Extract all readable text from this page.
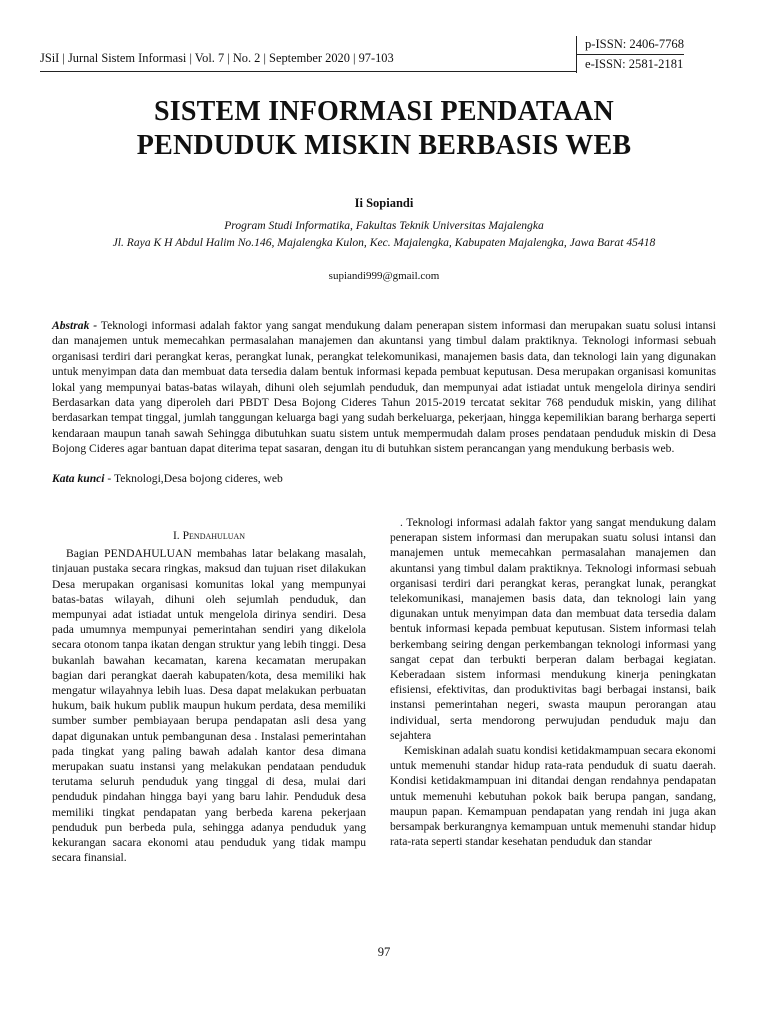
JSiI | Jurnal Sistem Informasi | Vol. 7 | No. 2 | September 2020 | 97-103
p-ISSN: 2406-7768
e-ISSN: 2581-2181
SISTEM INFORMASI PENDATAAN
PENDUDUK MISKIN BERBASIS WEB
Ii Sopiandi
Program Studi Informatika, Fakultas Teknik Universitas Majalengka
Jl. Raya K H Abdul Halim No.146, Majalengka Kulon, Kec. Majalengka, Kabupaten Majalengka, Jawa Barat 45418
supiandi999@gmail.com
Abstrak - Teknologi informasi adalah faktor yang sangat mendukung dalam penerapan sistem informasi dan merupakan suatu solusi intansi dan manajemen untuk memecahkan permasalahan manajemen dan akuntansi yang timbul dalam praktiknya. Teknologi informasi sebuah organisasi terdiri dari perangkat keras, perangkat lunak, perangkat telekomunikasi, manajemen basis data, dan teknologi lain yang digunakan untuk menyimpan data dan membuat data tersedia dalam bentuk informasi kepada pembuat keputusan. Desa merupakan organisasi komunitas lokal yang mempunyai batas-batas wilayah, dihuni oleh sejumlah penduduk, dan mempunyai adat istiadat untuk mengelola dirinya sendiri Berdasarkan data yang diperoleh dari PBDT Desa Bojong Cideres Tahun 2015-2019 tercatat sekitar 768 penduduk miskin, yang dilihat berdasarkan tempat tinggal, jumlah tanggungan keluarga bagi yang sudah berkeluarga, pekerjaan, hingga kepemilikian barang berharga seperti kendaraan maupun tanah sawah Sehingga dibutuhkan suatu sistem untuk mempermudah dalam proses pendataan penduduk miskin di Desa Bojong Cideres agar bantuan dapat diterima tepat sasaran, dengan itu di butuhkan sistem perancangan yang mendukung berbasis web.
Kata kunci - Teknologi,Desa bojong cideres, web
I. Pendahuluan

Bagian PENDAHULUAN membahas latar belakang masalah, tinjauan pustaka secara ringkas, maksud dan tujuan riset dilakukan Desa merupakan organisasi komunitas lokal yang mempunyai batas-batas wilayah, dihuni oleh sejumlah penduduk, dan mempunyai adat istiadat untuk mengelola dirinya sendiri. Desa pada umumnya mempunyai pemerintahan sendiri yang dikelola secara otonom tanpa ikatan dengan struktur yang lebih tinggi. Desa bukanlah bawahan kecamatan, karena kecamatan merupakan bagian dari perangkat daerah kabupaten/kota, desa memiliki hak mengatur wilayahnya lebih luas. Desa dapat melakukan perbuatan hukum, baik hukum publik maupun hukum perdata, desa memiliki sumber sumber pembiayaan berupa pendapatan asli desa yang dapat digunakan untuk pembangunan desa . Instalasi pemerintahan pada tingkat yang paling bawah adalah kantor desa dimana merupakan suatu instansi yang melakukan pendataan penduduk terutama seluruh penduduk yang tinggal di desa, mulai dari penduduk pindahan hingga bayi yang baru lahir. Penduduk desa memiliki tingkat pendapatan yang berbeda karena pekerjaan penduduk pun berbeda pula, sehingga adanya penduduk yang kekurangan sacara ekonomi atau penduduk yang tidak mampu secara finansial.

. Teknologi informasi adalah faktor yang sangat mendukung dalam penerapan sistem informasi dan merupakan suatu solusi intansi dan manajemen untuk memecahkan permasalahan manajemen dan akuntansi yang timbul dalam praktiknya. Teknologi informasi sebuah organisasi terdiri dari perangkat keras, perangkat lunak, perangkat telekomunikasi, manajemen basis data, dan teknologi lain yang digunakan untuk menyimpan data dan membuat data tersedia dalam bentuk informasi kepada pembuat keputusan. Sistem informasi telah berkembang seiring dengan perkembangan teknologi informasi yang sangat cepat dan terbukti berperan dalam berbagai kegiatan. Keberadaan sistem informasi mendukung kinerja peningkatan efisiensi, efektivitas, dan produktivitas bagi berbagai instansi, baik instansi pemerintahan negeri, swasta maupun perorangan atau individual, serta mendorong perwujudan penduduk maju dan sejahtera

Kemiskinan adalah suatu kondisi ketidakmampuan secara ekonomi untuk memenuhi standar hidup rata-rata penduduk di suatu daerah. Kondisi ketidakmampuan ini ditandai dengan rendahnya pendapatan untuk memenuhi kebutuhan pokok baik berupa pangan, sandang, maupun papan. Kemampuan pendapatan yang rendah ini juga akan bersampak berkurangnya kemampuan untuk memenuhi standar hidup rata-rata seperti standar kesehatan penduduk dan standar

97
